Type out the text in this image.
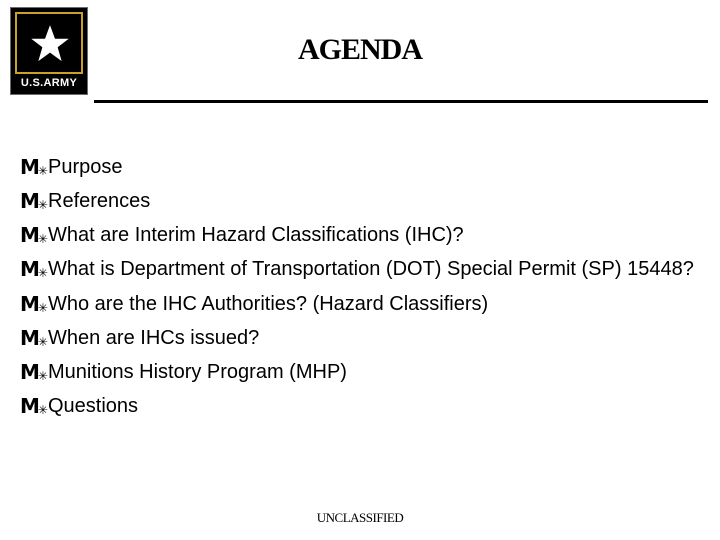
U.S.ARMY
AGENDA
M✳ Purpose
M✳ References
M✳ What are Interim Hazard Classifications (IHC)?
M✳ What is Department of Transportation (DOT) Special Permit (SP) 15448?
M✳ Who are the IHC Authorities? (Hazard Classifiers)
M✳ When are IHCs issued?
M✳ Munitions History Program (MHP)
M✳ Questions
UNCLASSIFIED
